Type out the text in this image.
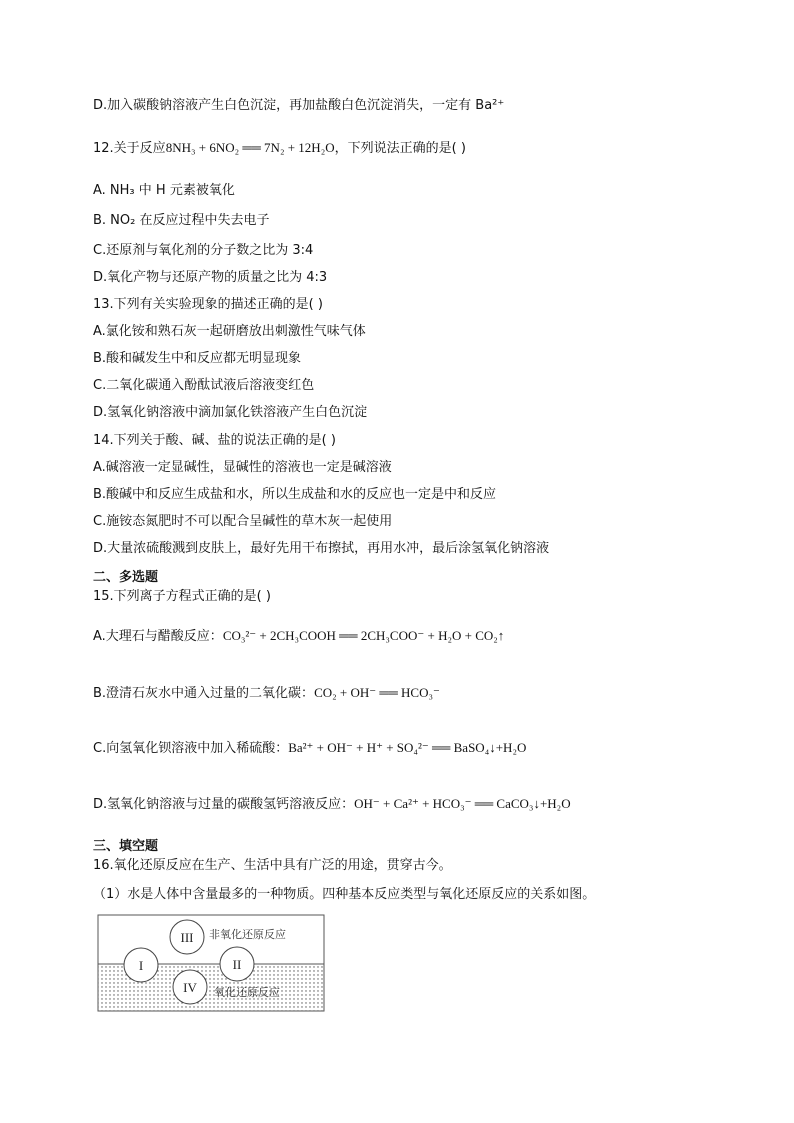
D.加入碳酸钠溶液产生白色沉淀，再加盐酸白色沉淀消失，一定有 Ba²⁺
12.关于反应8NH₃ + 6NO₂ ══ 7N₂ + 12H₂O，下列说法正确的是( )
A. NH₃ 中 H 元素被氧化
B. NO₂ 在反应过程中失去电子
C.还原剂与氧化剂的分子数之比为 3:4
D.氧化产物与还原产物的质量之比为 4:3
13.下列有关实验现象的描述正确的是( )
A.氯化铵和熟石灰一起研磨放出刺激性气味气体
B.酸和碱发生中和反应都无明显现象
C.二氧化碳通入酚酞试液后溶液变红色
D.氢氧化钠溶液中滴加氯化铁溶液产生白色沉淀
14.下列关于酸、碱、盐的说法正确的是( )
A.碱溶液一定显碱性，显碱性的溶液也一定是碱溶液
B.酸碱中和反应生成盐和水，所以生成盐和水的反应也一定是中和反应
C.施铵态氮肥时不可以配合呈碱性的草木灰一起使用
D.大量浓硫酸溅到皮肤上，最好先用干布擦拭，再用水冲，最后涂氢氧化钠溶液
二、多选题
15.下列离子方程式正确的是( )
A.大理石与醋酸反应：CO₃²⁻ + 2CH₃COOH ══ 2CH₃COO⁻ + H₂O + CO₂↑
B.澄清石灰水中通入过量的二氧化碳：CO₂ + OH⁻ ══ HCO₃⁻
C.向氢氧化钡溶液中加入稀硫酸：Ba²⁺ + OH⁻ + H⁺ + SO₄²⁻ ══ BaSO₄↓+H₂O
D.氢氧化钠溶液与过量的碳酸氢钙溶液反应：OH⁻ + Ca²⁺ + HCO₃⁻ ══ CaCO₃↓+H₂O
三、填空题
16.氧化还原反应在生产、生活中具有广泛的用途，贯穿古今。
（1）水是人体中含量最多的一种物质。四种基本反应类型与氧化还原反应的关系如图。
I	II
III
IV
非氧化还原反应
氧化还原反应
